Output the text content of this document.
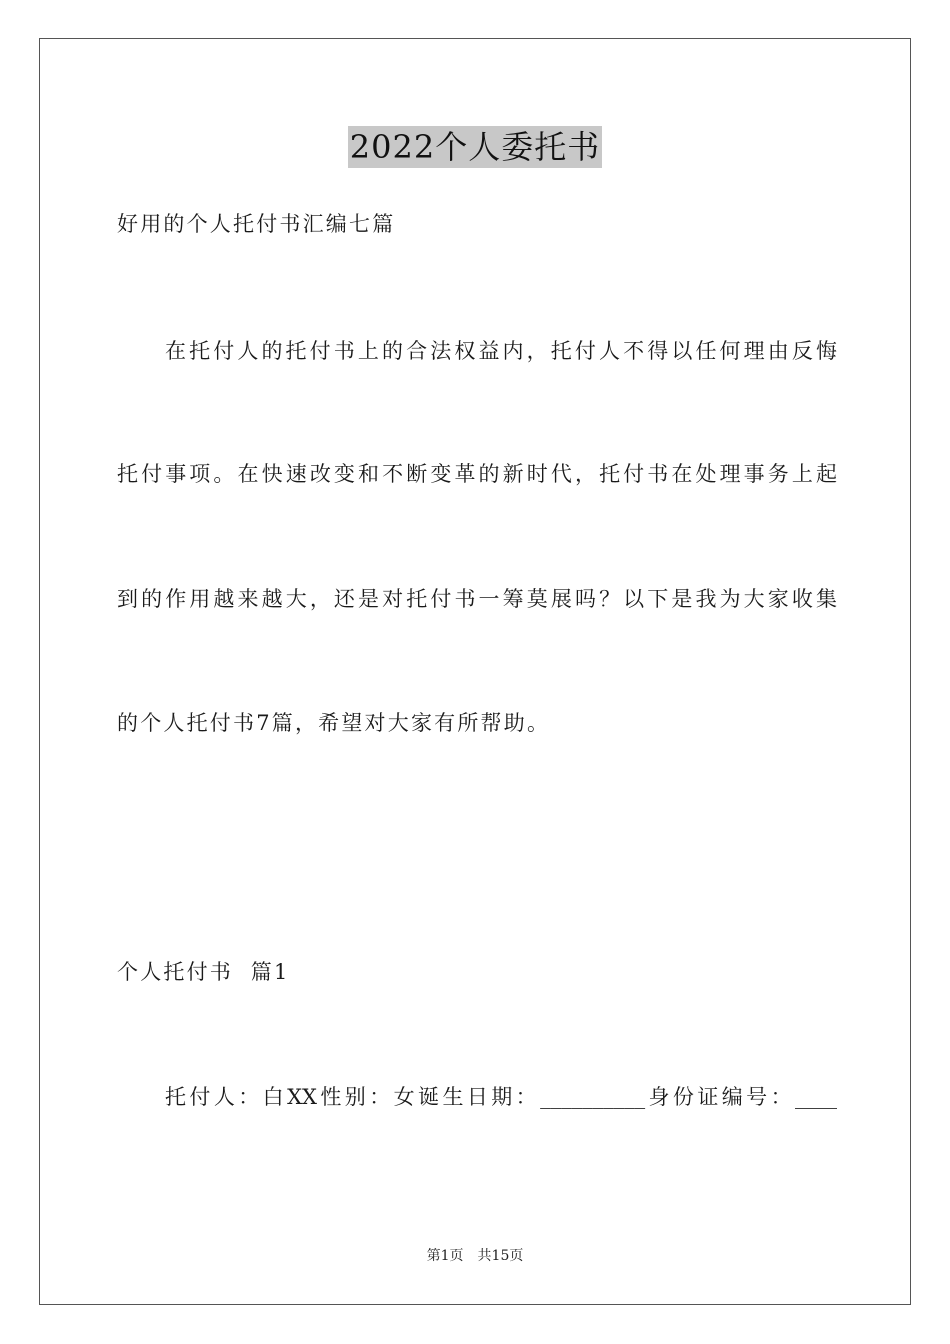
2022个人委托书
好用的个人托付书汇编七篇
在托付人的托付书上的合法权益内，托付人不得以任何理由反悔
托付事项。在快速改变和不断变革的新时代，托付书在处理事务上起
到的作用越来越大，还是对托付书一筹莫展吗？以下是我为大家收集
的个人托付书7篇，希望对大家有所帮助。
个人托付书  篇1
托付人：白XX性别：女诞生日期：__________身份证编号：____
第1页 共15页
